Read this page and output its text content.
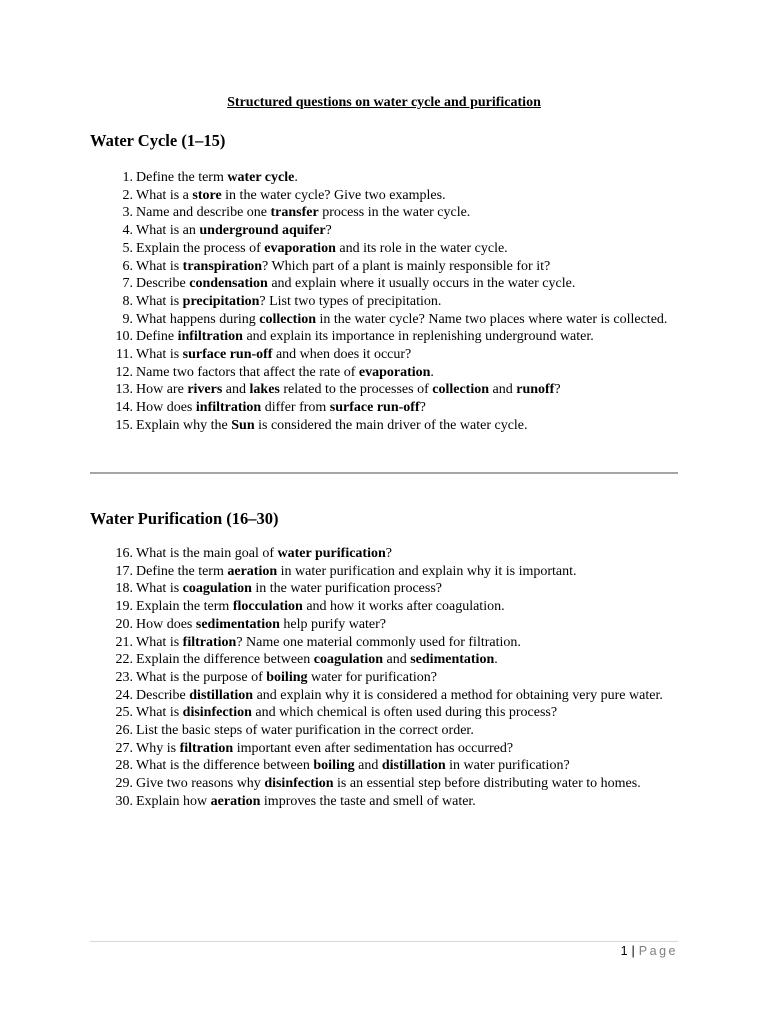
Structured questions on water cycle and purification
Water Cycle (1–15)
1. Define the term water cycle.
2. What is a store in the water cycle? Give two examples.
3. Name and describe one transfer process in the water cycle.
4. What is an underground aquifer?
5. Explain the process of evaporation and its role in the water cycle.
6. What is transpiration? Which part of a plant is mainly responsible for it?
7. Describe condensation and explain where it usually occurs in the water cycle.
8. What is precipitation? List two types of precipitation.
9. What happens during collection in the water cycle? Name two places where water is collected.
10. Define infiltration and explain its importance in replenishing underground water.
11. What is surface run-off and when does it occur?
12. Name two factors that affect the rate of evaporation.
13. How are rivers and lakes related to the processes of collection and runoff?
14. How does infiltration differ from surface run-off?
15. Explain why the Sun is considered the main driver of the water cycle.
Water Purification (16–30)
16. What is the main goal of water purification?
17. Define the term aeration in water purification and explain why it is important.
18. What is coagulation in the water purification process?
19. Explain the term flocculation and how it works after coagulation.
20. How does sedimentation help purify water?
21. What is filtration? Name one material commonly used for filtration.
22. Explain the difference between coagulation and sedimentation.
23. What is the purpose of boiling water for purification?
24. Describe distillation and explain why it is considered a method for obtaining very pure water.
25. What is disinfection and which chemical is often used during this process?
26. List the basic steps of water purification in the correct order.
27. Why is filtration important even after sedimentation has occurred?
28. What is the difference between boiling and distillation in water purification?
29. Give two reasons why disinfection is an essential step before distributing water to homes.
30. Explain how aeration improves the taste and smell of water.
1 | Page
